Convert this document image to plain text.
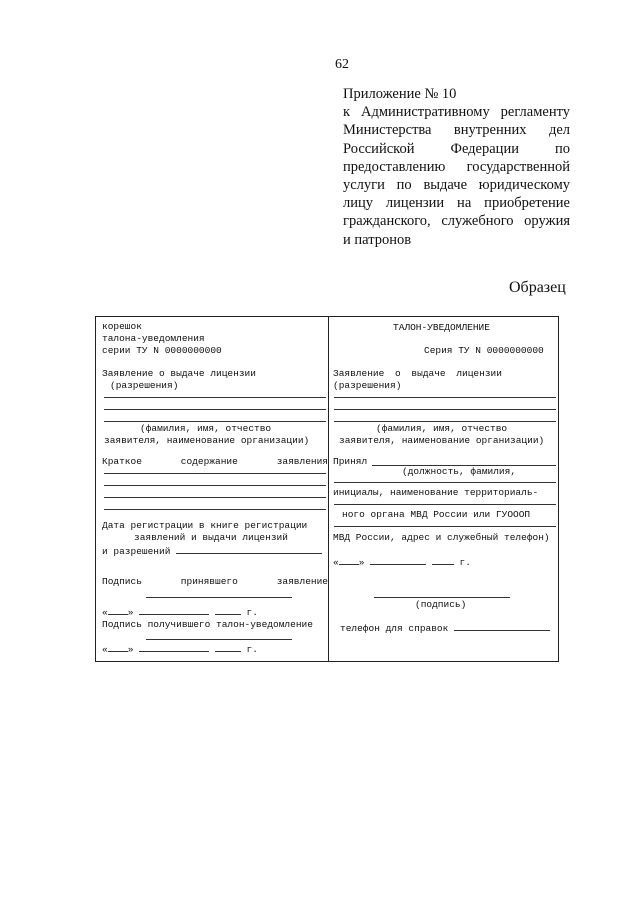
62
Приложение № 10
к Административному регламенту
Министерства внутренних дел
Российской Федерации по
предоставлению государственной
услуги по выдаче юридическому
лицу лицензии на приобретение
гражданского, служебного оружия
и патронов
Образец
корешок
талона-уведомления
серии ТУ N 0000000000
Заявление о выдаче лицензии
(разрешения)
(фамилия, имя, отчество
заявителя, наименование организации)
Краткое	содержание	заявления
Дата регистрации в книге регистрации
заявлений и выдачи лицензий
и разрешений
Подпись	принявшего	заявление
« »	г.
Подпись получившего талон-уведомление
« »	г.
ТАЛОН-УВЕДОМЛЕНИЕ
Серия ТУ N 0000000000
Заявление о выдаче лицензии
(разрешения)
(фамилия, имя, отчество
заявителя, наименование организации)
Принял
(должность, фамилия,
инициалы, наименование территориаль-
ного органа МВД России или ГУОООП
МВД России, адрес и служебный телефон)
« »	г.
(подпись)
телефон для справок
